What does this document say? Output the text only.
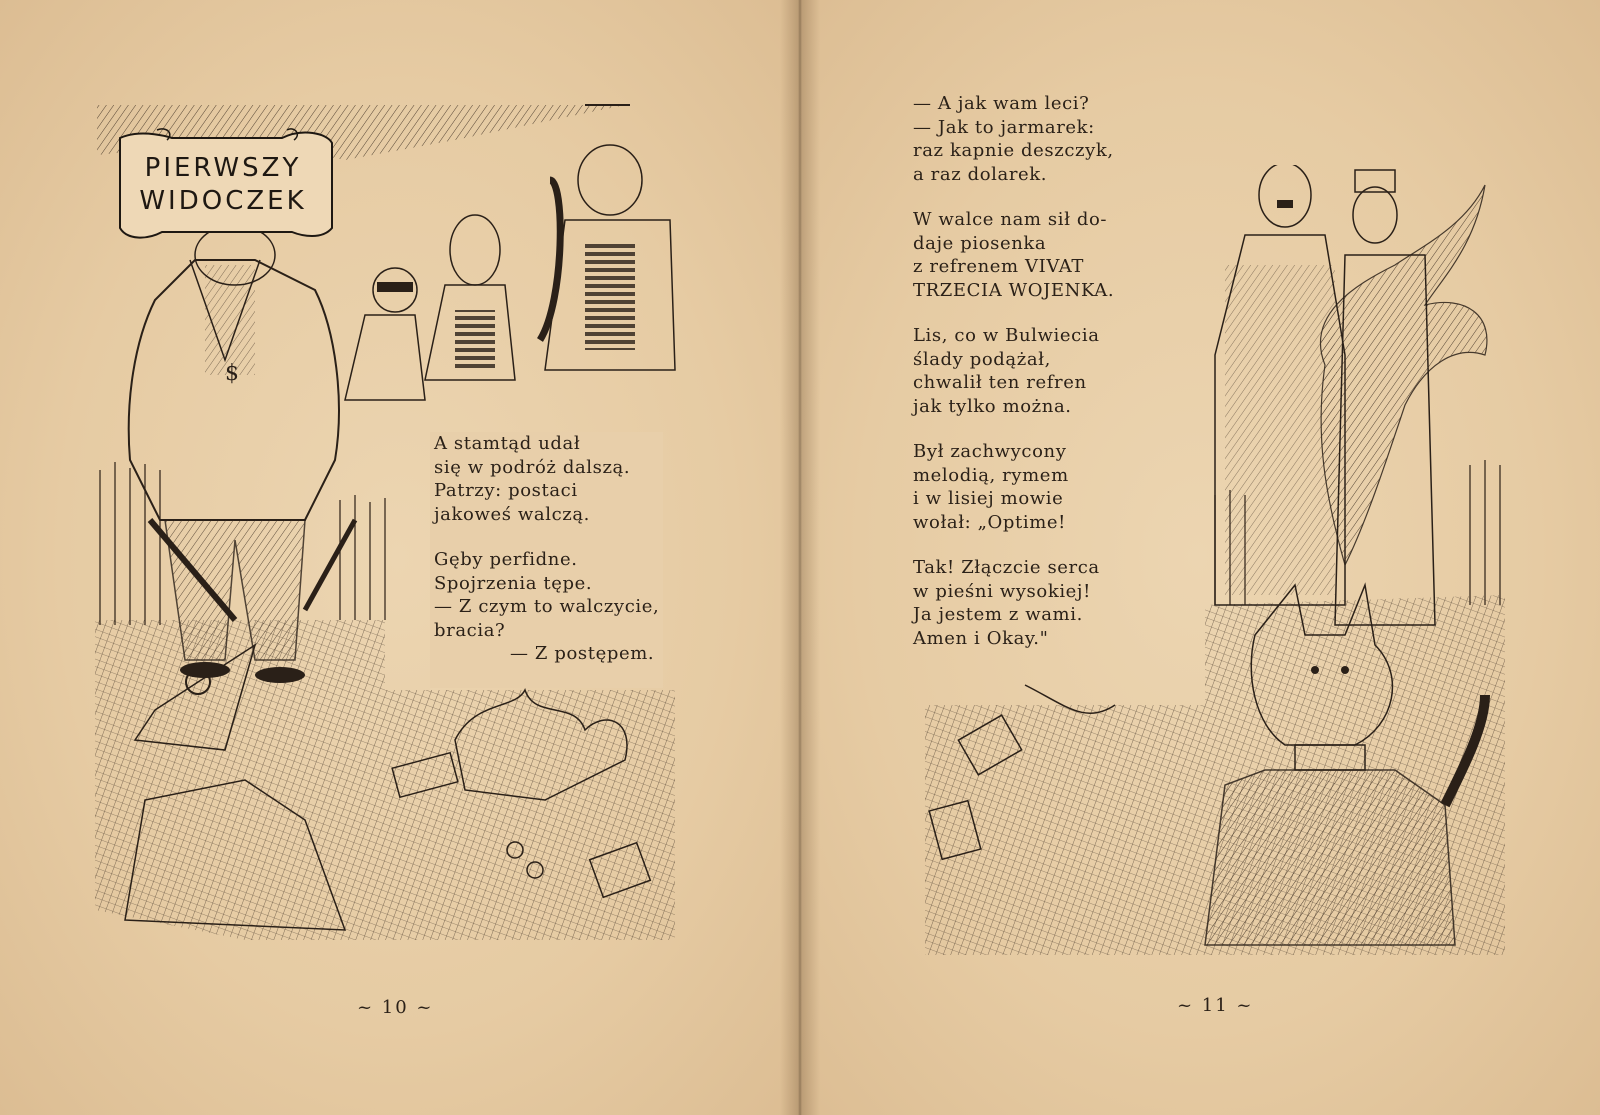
$
PIERWSZY
WIDOCZEK
A stamtąd udał
się w podróż dalszą.
Patrzy: postaci
jakoweś walczą.
Gęby perfidne.
Spojrzenia tępe.
— Z czym to walczycie,
bracia?
— Z postępem.
~ 10 ~
— A jak wam leci?
— Jak to jarmarek:
raz kapnie deszczyk,
a raz dolarek.
W walce nam sił do-
daje piosenka
z refrenem VIVAT
TRZECIA WOJENKA.
Lis, co w Bulwiecia
ślady podążał,
chwalił ten refren
jak tylko można.
Był zachwycony
melodią, rymem
i w lisiej mowie
wołał: „Optime!
Tak! Złączcie serca
w pieśni wysokiej!
Ja jestem z wami.
Amen i Okay."
~ 11 ~
